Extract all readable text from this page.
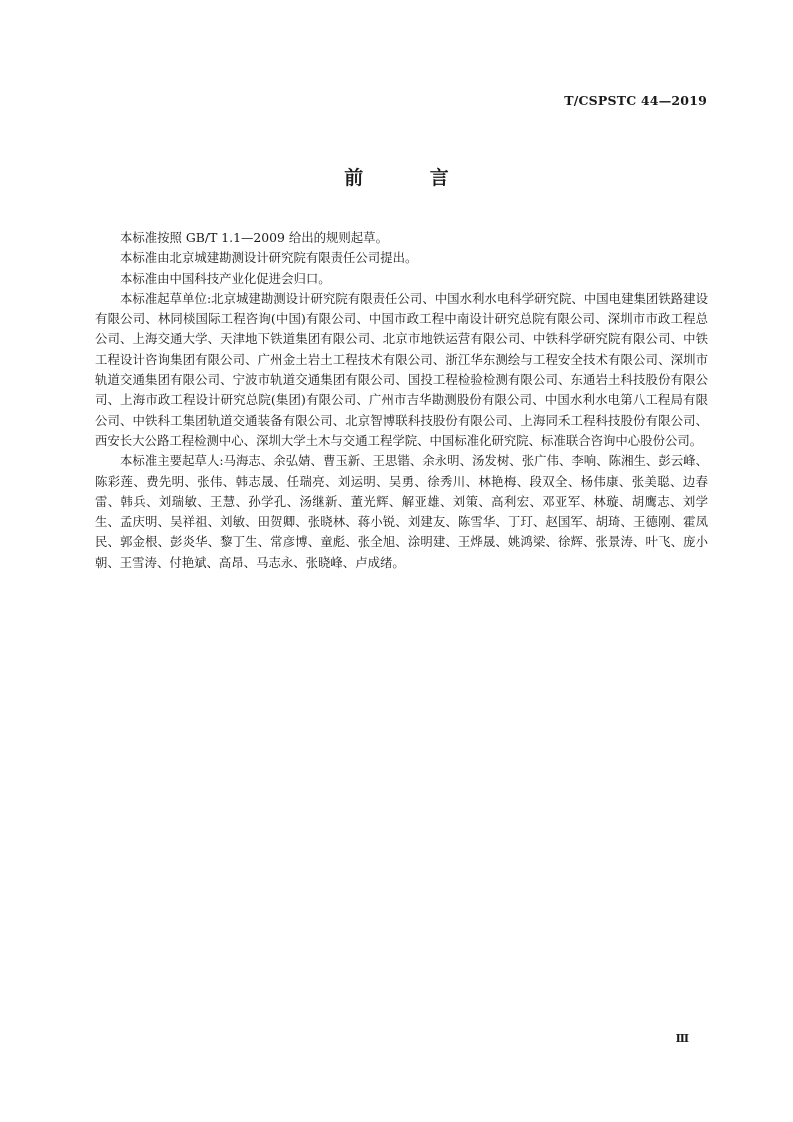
T/CSPSTC 44—2019
前 言

本标准按照 GB/T 1.1—2009 给出的规则起草。

本标准由北京城建勘测设计研究院有限责任公司提出。

本标准由中国科技产业化促进会归口。

本标准起草单位:北京城建勘测设计研究院有限责任公司、中国水利水电科学研究院、中国电建集团铁路建设有限公司、林同棪国际工程咨询(中国)有限公司、中国市政工程中南设计研究总院有限公司、深圳市市政工程总公司、上海交通大学、天津地下铁道集团有限公司、北京市地铁运营有限公司、中铁科学研究院有限公司、中铁工程设计咨询集团有限公司、广州金土岩土工程技术有限公司、浙江华东测绘与工程安全技术有限公司、深圳市轨道交通集团有限公司、宁波市轨道交通集团有限公司、国投工程检验检测有限公司、东通岩土科技股份有限公司、上海市政工程设计研究总院(集团)有限公司、广州市吉华勘测股份有限公司、中国水利水电第八工程局有限公司、中铁科工集团轨道交通装备有限公司、北京智博联科技股份有限公司、上海同禾工程科技股份有限公司、西安长大公路工程检测中心、深圳大学土木与交通工程学院、中国标准化研究院、标准联合咨询中心股份公司。

本标准主要起草人:马海志、余弘婧、曹玉新、王思锴、余永明、汤发树、张广伟、李响、陈湘生、彭云峰、陈彩莲、费先明、张伟、韩志晟、任瑞亮、刘运明、吴勇、徐秀川、林艳梅、段双全、杨伟康、张美聪、边春雷、韩兵、刘瑞敏、王慧、孙学孔、汤继新、董光辉、解亚雄、刘策、高利宏、邓亚军、林璇、胡鹰志、刘学生、孟庆明、吴祥祖、刘敏、田贺卿、张晓林、蒋小锐、刘建友、陈雪华、丁玎、赵国军、胡琦、王德刚、霍凤民、郭金根、彭炎华、黎丁生、常彦博、童彪、张全旭、涂明建、王烨晟、姚鸿梁、徐辉、张景涛、叶飞、庞小朝、王雪涛、付艳斌、高昂、马志永、张晓峰、卢成绪。

Ⅲ
